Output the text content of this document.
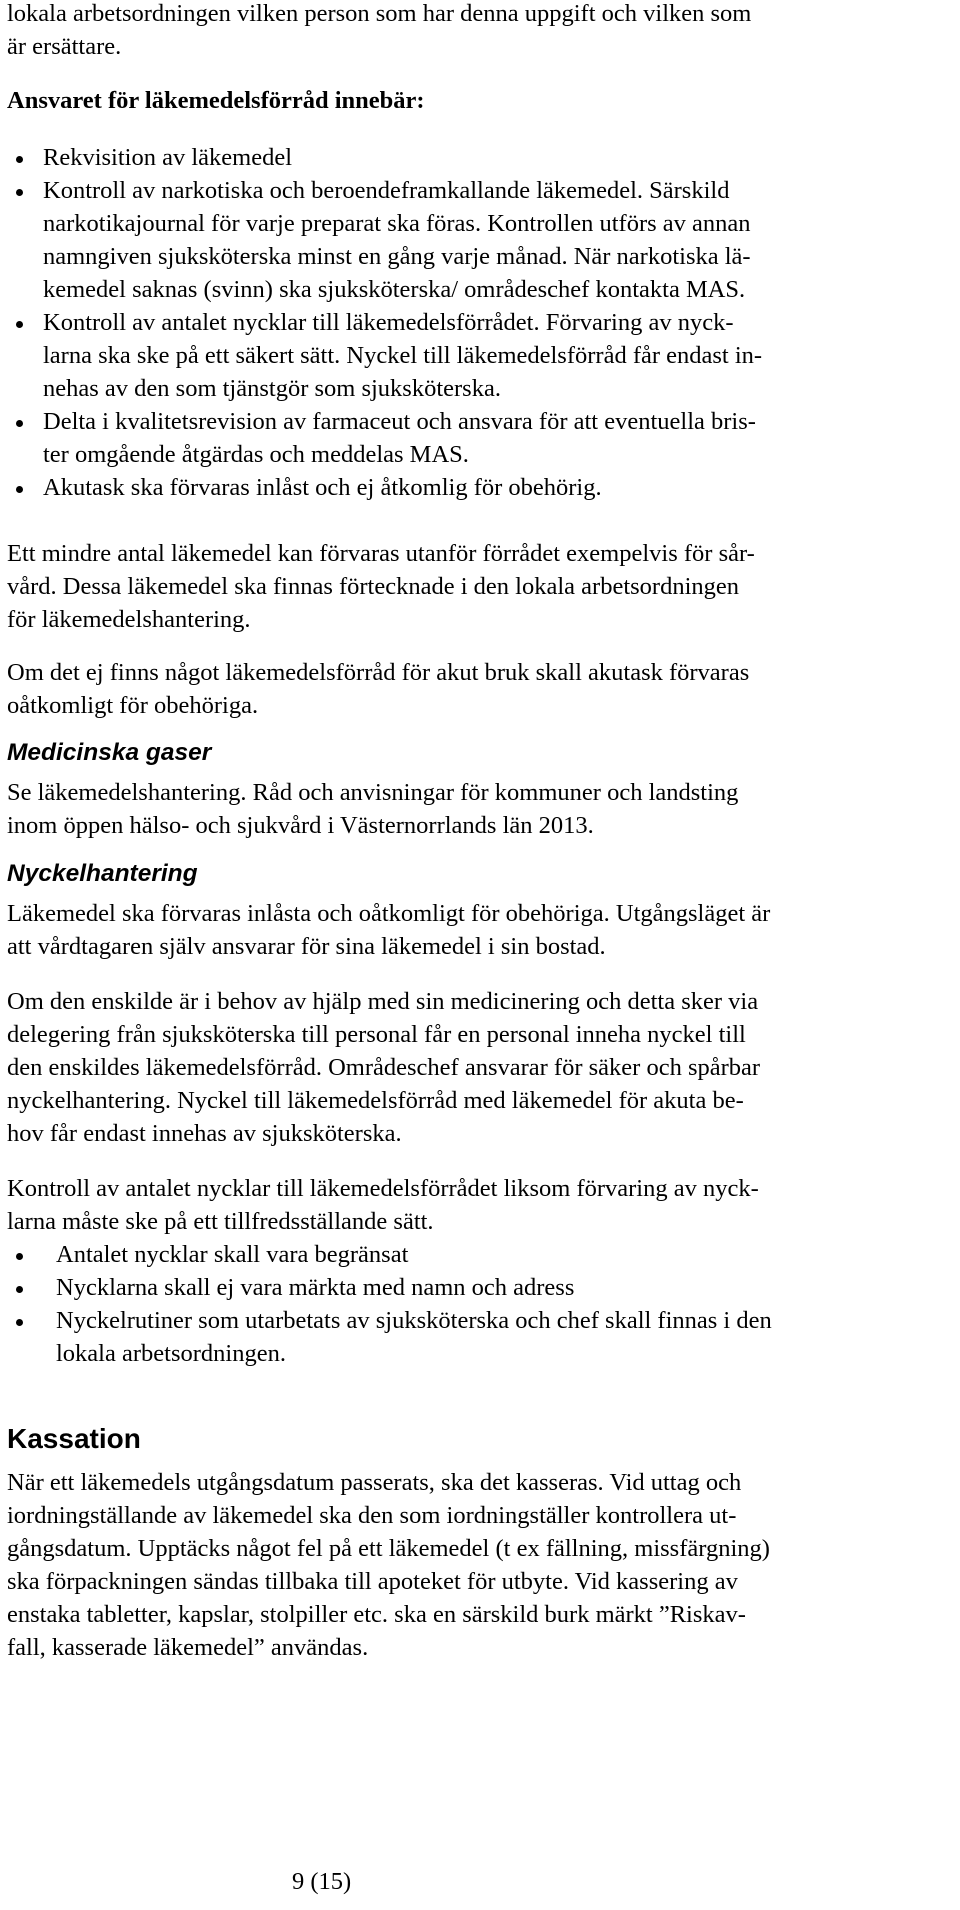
lokala arbetsordningen vilken person som har denna uppgift och vilken som
är ersättare.
Ansvaret för läkemedelsförråd innebär:
Rekvisition av läkemedel
Kontroll av narkotiska och beroendeframkallande läkemedel. Särskild
narkotikajournal för varje preparat ska föras. Kontrollen utförs av annan
namngiven sjuksköterska minst en gång varje månad. När narkotiska lä-
kemedel saknas (svinn) ska sjuksköterska/ områdeschef kontakta MAS.
Kontroll av antalet nycklar till läkemedelsförrådet. Förvaring av nyck-
larna ska ske på ett säkert sätt. Nyckel till läkemedelsförråd får endast in-
nehas av den som tjänstgör som sjuksköterska.
Delta i kvalitetsrevision av farmaceut och ansvara för att eventuella bris-
ter omgående åtgärdas och meddelas MAS.
Akutask ska förvaras inlåst och ej åtkomlig för obehörig.
Ett mindre antal läkemedel kan förvaras utanför förrådet exempelvis för sår-
vård. Dessa läkemedel ska finnas förtecknade i den lokala arbetsordningen
för läkemedelshantering.
Om det ej finns något läkemedelsförråd för akut bruk skall akutask förvaras
oåtkomligt för obehöriga.
Medicinska gaser
Se läkemedelshantering. Råd och anvisningar för kommuner och landsting
inom öppen hälso- och sjukvård i Västernorrlands län 2013.
Nyckelhantering
Läkemedel ska förvaras inlåsta och oåtkomligt för obehöriga. Utgångsläget är
att vårdtagaren själv ansvarar för sina läkemedel i sin bostad.
Om den enskilde är i behov av hjälp med sin medicinering och detta sker via
delegering från sjuksköterska till personal får en personal inneha nyckel till
den enskildes läkemedelsförråd. Områdeschef ansvarar för säker och spårbar
nyckelhantering. Nyckel till läkemedelsförråd med läkemedel för akuta be-
hov får endast innehas av sjuksköterska.
Kontroll av antalet nycklar till läkemedelsförrådet liksom förvaring av nyck-
larna måste ske på ett tillfredsställande sätt.
Antalet nycklar skall vara begränsat
Nycklarna skall ej vara märkta med namn och adress
Nyckelrutiner som utarbetats av sjuksköterska och chef skall finnas i den
lokala arbetsordningen.
Kassation
När ett läkemedels utgångsdatum passerats, ska det kasseras. Vid uttag och
iordningställande av läkemedel ska den som iordningställer kontrollera ut-
gångsdatum. Upptäcks något fel på ett läkemedel (t ex fällning, missfärgning)
ska förpackningen sändas tillbaka till apoteket för utbyte. Vid kassering av
enstaka tabletter, kapslar, stolpiller etc. ska en särskild burk märkt ”Riskav-
fall, kasserade läkemedel” användas.
9 (15)
